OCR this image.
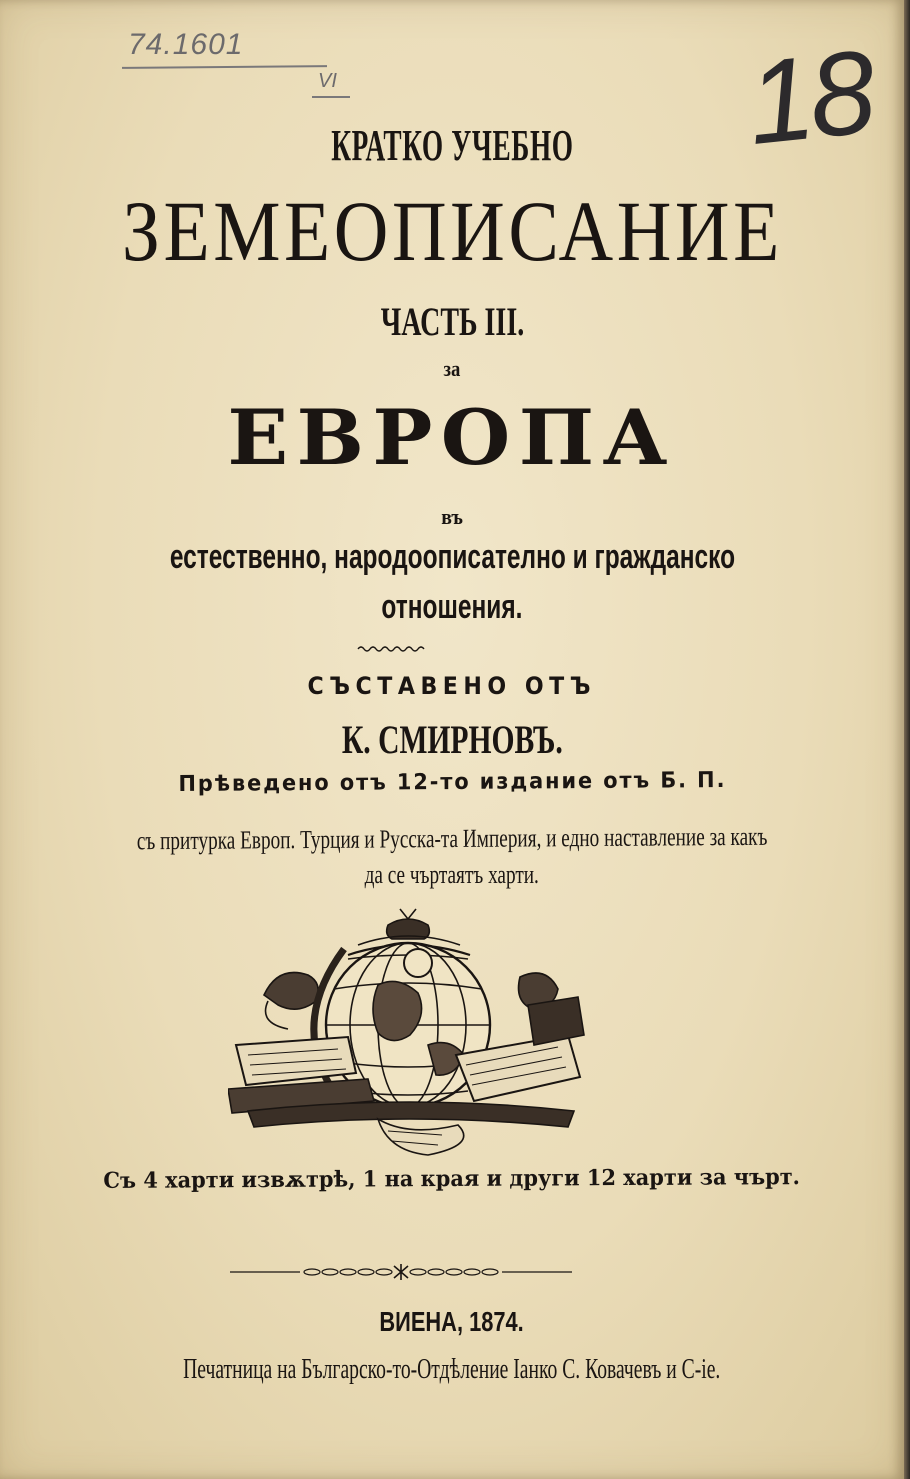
74.1601
VI	18
КРАТКО УЧЕБНО
ЗЕМЕОПИСАНИЕ
ЧАСТЬ III.
за
ЕВРОПА
въ
естественно, народоописателно и гражданско
отношения.
СЪСТАВЕНО ОТЪ
К. СМИРНОВЪ.
Прѣведено отъ 12-то издание отъ Б. П.
съ притурка Европ. Турция и Русска-та Империя, и едно наставление за какъ
да се чъртаятъ харти.
Съ 4 харти извѫтрѣ, 1 на края и други 12 харти за чърт.
ВИЕНА, 1874.
Печатница на Българско-то-Отдѣление Іанко С. Ковачевъ и С-іе.
